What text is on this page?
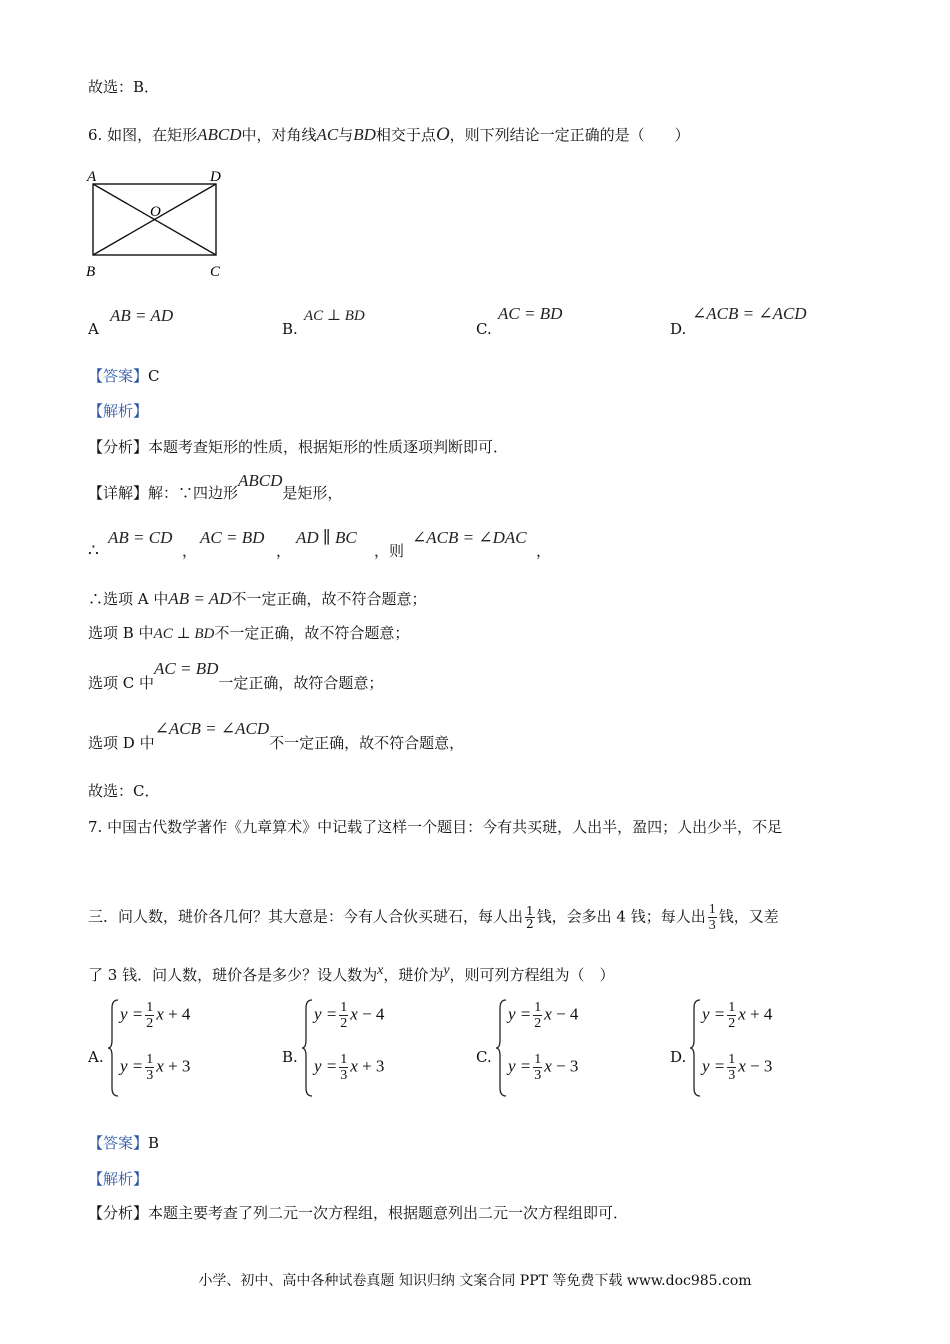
故选：B．
6. 如图，在矩形ABCD中，对角线AC与BD相交于点O，则下列结论一定正确的是（　　）
A	D
O
B	C
A
AB = AD
B.
AC ⊥ BD
C.
AC = BD
D.
∠ACB = ∠ACD
【答案】C
【解析】
【分析】本题考查矩形的性质，根据矩形的性质逐项判断即可．
【详解】解：∵四边形ABCD是矩形，
∴
AB = CD
，
AC = BD
，
AD ∥ BC
，则
∠ACB = ∠DAC
，
∴选项 A 中AB = AD不一定正确，故不符合题意；
选项 B 中AC ⊥ BD不一定正确，故不符合题意；
选项 C 中AC = BD一定正确，故符合题意；
选项 D 中∠ACB = ∠ACD不一定正确，故不符合题意，
故选：C．
7. 中国古代数学著作《九章算术》中记载了这样一个题目：今有共买琎，人出半，盈四；人出少半，不足
三．问人数，琎价各几何？其大意是：今有人合伙买琎石，每人出 $\frac{1}{2}$ 钱，会多出 4 钱；每人出 $\frac{1}{3}$ 钱，又差
了 3 钱．问人数，琎价各是多少？设人数为x，琎价为y，则可列方程组为（　）
A.
$y = \frac{1}{2}$ x + 4
$y = \frac{1}{3}$ x + 3	B.
$y = \frac{1}{2}$ x − 4
$y = \frac{1}{3}$ x + 3	C.
$y = \frac{1}{2}$ x − 4
$y = \frac{1}{3}$ x − 3	D.
$y = \frac{1}{2}$ x + 4
$y = \frac{1}{3}$ x − 3
【答案】B
【解析】
【分析】本题主要考查了列二元一次方程组，根据题意列出二元一次方程组即可．
小学、初中、高中各种试卷真题 知识归纳 文案合同 PPT 等免费下载 www.doc985.com
